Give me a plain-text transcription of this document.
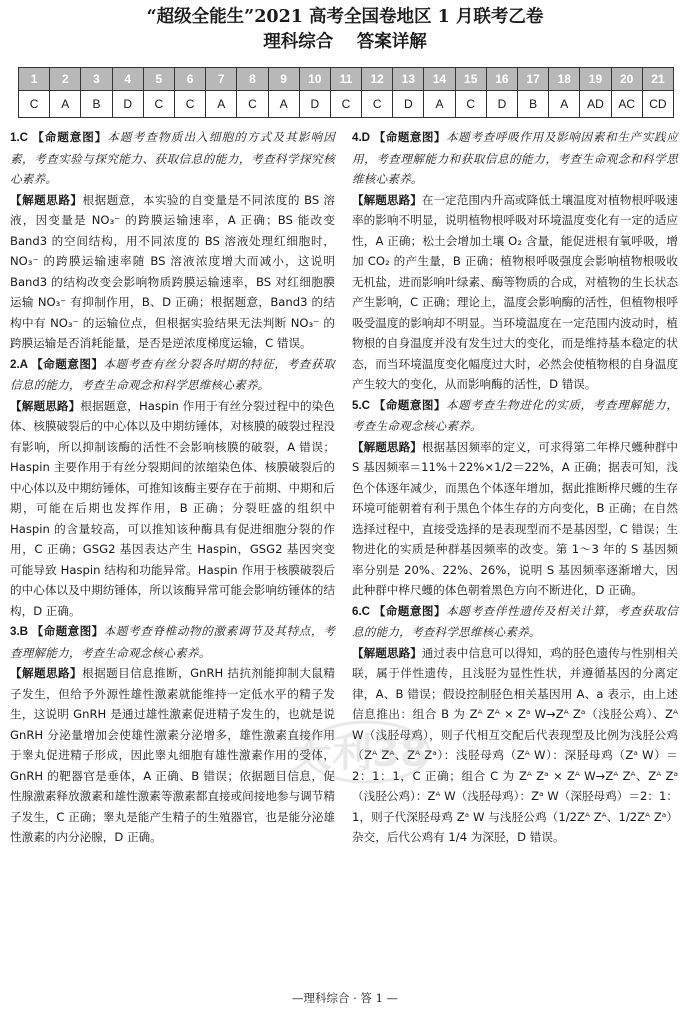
“超级全能生”2021 高考全国卷地区 1 月联考乙卷
理科综合　 答案详解
1	2	3	4	5	6	7	8	9	10	11	12	13	14	15	16	17	18	19	20	21
C	A	B	D	C	C	A	C	A	D	C	C	D	A	C	D	B	A	AD	AC	CD

1.C 【命题意图】本题考查物质出入细胞的方式及其影响因素，考查实验与探究能力、获取信息的能力，考查科学探究核心素养。

【解题思路】根据题意，本实验的自变量是不同浓度的 BS 溶液，因变量是 NO₃⁻ 的跨膜运输速率，A 正确；BS 能改变 Band3 的空间结构，用不同浓度的 BS 溶液处理红细胞时，NO₃⁻ 的跨膜运输速率随 BS 溶液浓度增大而减小，这说明 Band3 的结构改变会影响物质跨膜运输速率，BS 对红细胞膜运输 NO₃⁻ 有抑制作用，B、D 正确；根据题意，Band3 的结构中有 NO₃⁻ 的运输位点，但根据实验结果无法判断 NO₃⁻ 的跨膜运输是否消耗能量，是否是逆浓度梯度运输，C 错误。

2.A 【命题意图】本题考查有丝分裂各时期的特征，考查获取信息的能力，考查生命观念和科学思维核心素养。

【解题思路】根据题意，Haspin 作用于有丝分裂过程中的染色体、核膜破裂后的中心体以及中期纺锤体，对核膜的破裂过程没有影响，所以抑制该酶的活性不会影响核膜的破裂，A 错误；Haspin 主要作用于有丝分裂期间的浓缩染色体、核膜破裂后的中心体以及中期纺锤体，可推知该酶主要存在于前期、中期和后期，可能在后期也发挥作用，B 正确；分裂旺盛的组织中 Haspin 的含量较高，可以推知该种酶具有促进细胞分裂的作用，C 正确；GSG2 基因表达产生 Haspin，GSG2 基因突变可能导致 Haspin 结构和功能异常。Haspin 作用于核膜破裂后的中心体以及中期纺锤体，所以该酶异常可能会影响纺锤体的结构，D 正确。

3.B 【命题意图】本题考查脊椎动物的激素调节及其特点，考查理解能力，考查生命观念核心素养。

【解题思路】根据题目信息推断，GnRH 拮抗剂能抑制大鼠精子发生，但给予外源性雄性激素就能维持一定低水平的精子发生，这说明 GnRH 是通过雄性激素促进精子发生的，也就是说 GnRH 分泌量增加会使雄性激素分泌增多，雄性激素直接作用于睾丸促进精子形成，因此睾丸细胞有雄性激素作用的受体，GnRH 的靶器官是垂体，A 正确、B 错误；依据题目信息，促性腺激素释放激素和雄性激素等激素都直接或间接地参与调节精子发生，C 正确；睾丸是能产生精子的生殖器官，也是能分泌雄性激素的内分泌腺，D 正确。

4.D 【命题意图】本题考查呼吸作用及影响因素和生产实践应用，考查理解能力和获取信息的能力，考查生命观念和科学思维核心素养。

【解题思路】在一定范围内升高或降低土壤温度对植物根呼吸速率的影响不明显，说明植物根呼吸对环境温度变化有一定的适应性，A 正确；松土会增加土壤 O₂ 含量，能促进根有氧呼吸，增加 CO₂ 的产生量，B 正确；植物根呼吸强度会影响植物根吸收无机盐，进而影响叶绿素、酶等物质的合成，对植物的生长状态产生影响，C 正确；理论上，温度会影响酶的活性，但植物根呼吸受温度的影响却不明显。当环境温度在一定范围内波动时，植物根的自身温度并没有发生过大的变化，而是维持基本稳定的状态，而当环境温度变化幅度过大时，必然会使植物根的自身温度产生较大的变化，从而影响酶的活性，D 错误。

5.C 【命题意图】本题考查生物进化的实质，考查理解能力，考查生命观念核心素养。

【解题思路】根据基因频率的定义，可求得第二年桦尺蠖种群中 S 基因频率＝11%＋22%×1/2＝22%，A 正确；据表可知，浅色个体逐年减少，而黑色个体逐年增加，据此推断桦尺蠖的生存环境可能朝着有利于黑色个体生存的方向变化，B 正确；在自然选择过程中，直接受选择的是表现型而不是基因型，C 错误；生物进化的实质是种群基因频率的改变。第 1～3 年的 S 基因频率分别是 20%、22%、26%，说明 S 基因频率逐渐增大，因此种群中桦尺蠖的体色朝着黑色方向不断进化，D 正确。

6.C 【命题意图】本题考查伴性遗传及相关计算，考查获取信息的能力，考查科学思维核心素养。

【解题思路】通过表中信息可以得知，鸡的胫色遗传与性别相关联，属于伴性遗传，且浅胫为显性性状，并遵循基因的分离定律，A、B 错误；假设控制胫色相关基因用 A、a 表示，由上述信息推出：组合 B 为 Zᴬ Zᴬ × Zᵃ W→Zᴬ Zᵃ（浅胫公鸡）、Zᴬ W（浅胫母鸡），则子代相互交配后代表现型及比例为浅胫公鸡（Zᴬ Zᴬ、Zᴬ Zᵃ）：浅胫母鸡（Zᴬ W）：深胫母鸡（Zᵃ W）＝2：1：1，C 正确；组合 C 为 Zᴬ Zᵃ × Zᴬ W→Zᴬ Zᴬ、Zᴬ Zᵃ（浅胫公鸡）：Zᴬ W（浅胫母鸡）：Zᵃ W（深胫母鸡）＝2：1：1，则子代深胫母鸡 Zᵃ W 与浅胫公鸡（1/2Zᴬ Zᴬ、1/2Zᴬ Zᵃ）杂交，后代公鸡有 1/4 为深胫，D 错误。

天利38
—理科综合 · 答 1 —
